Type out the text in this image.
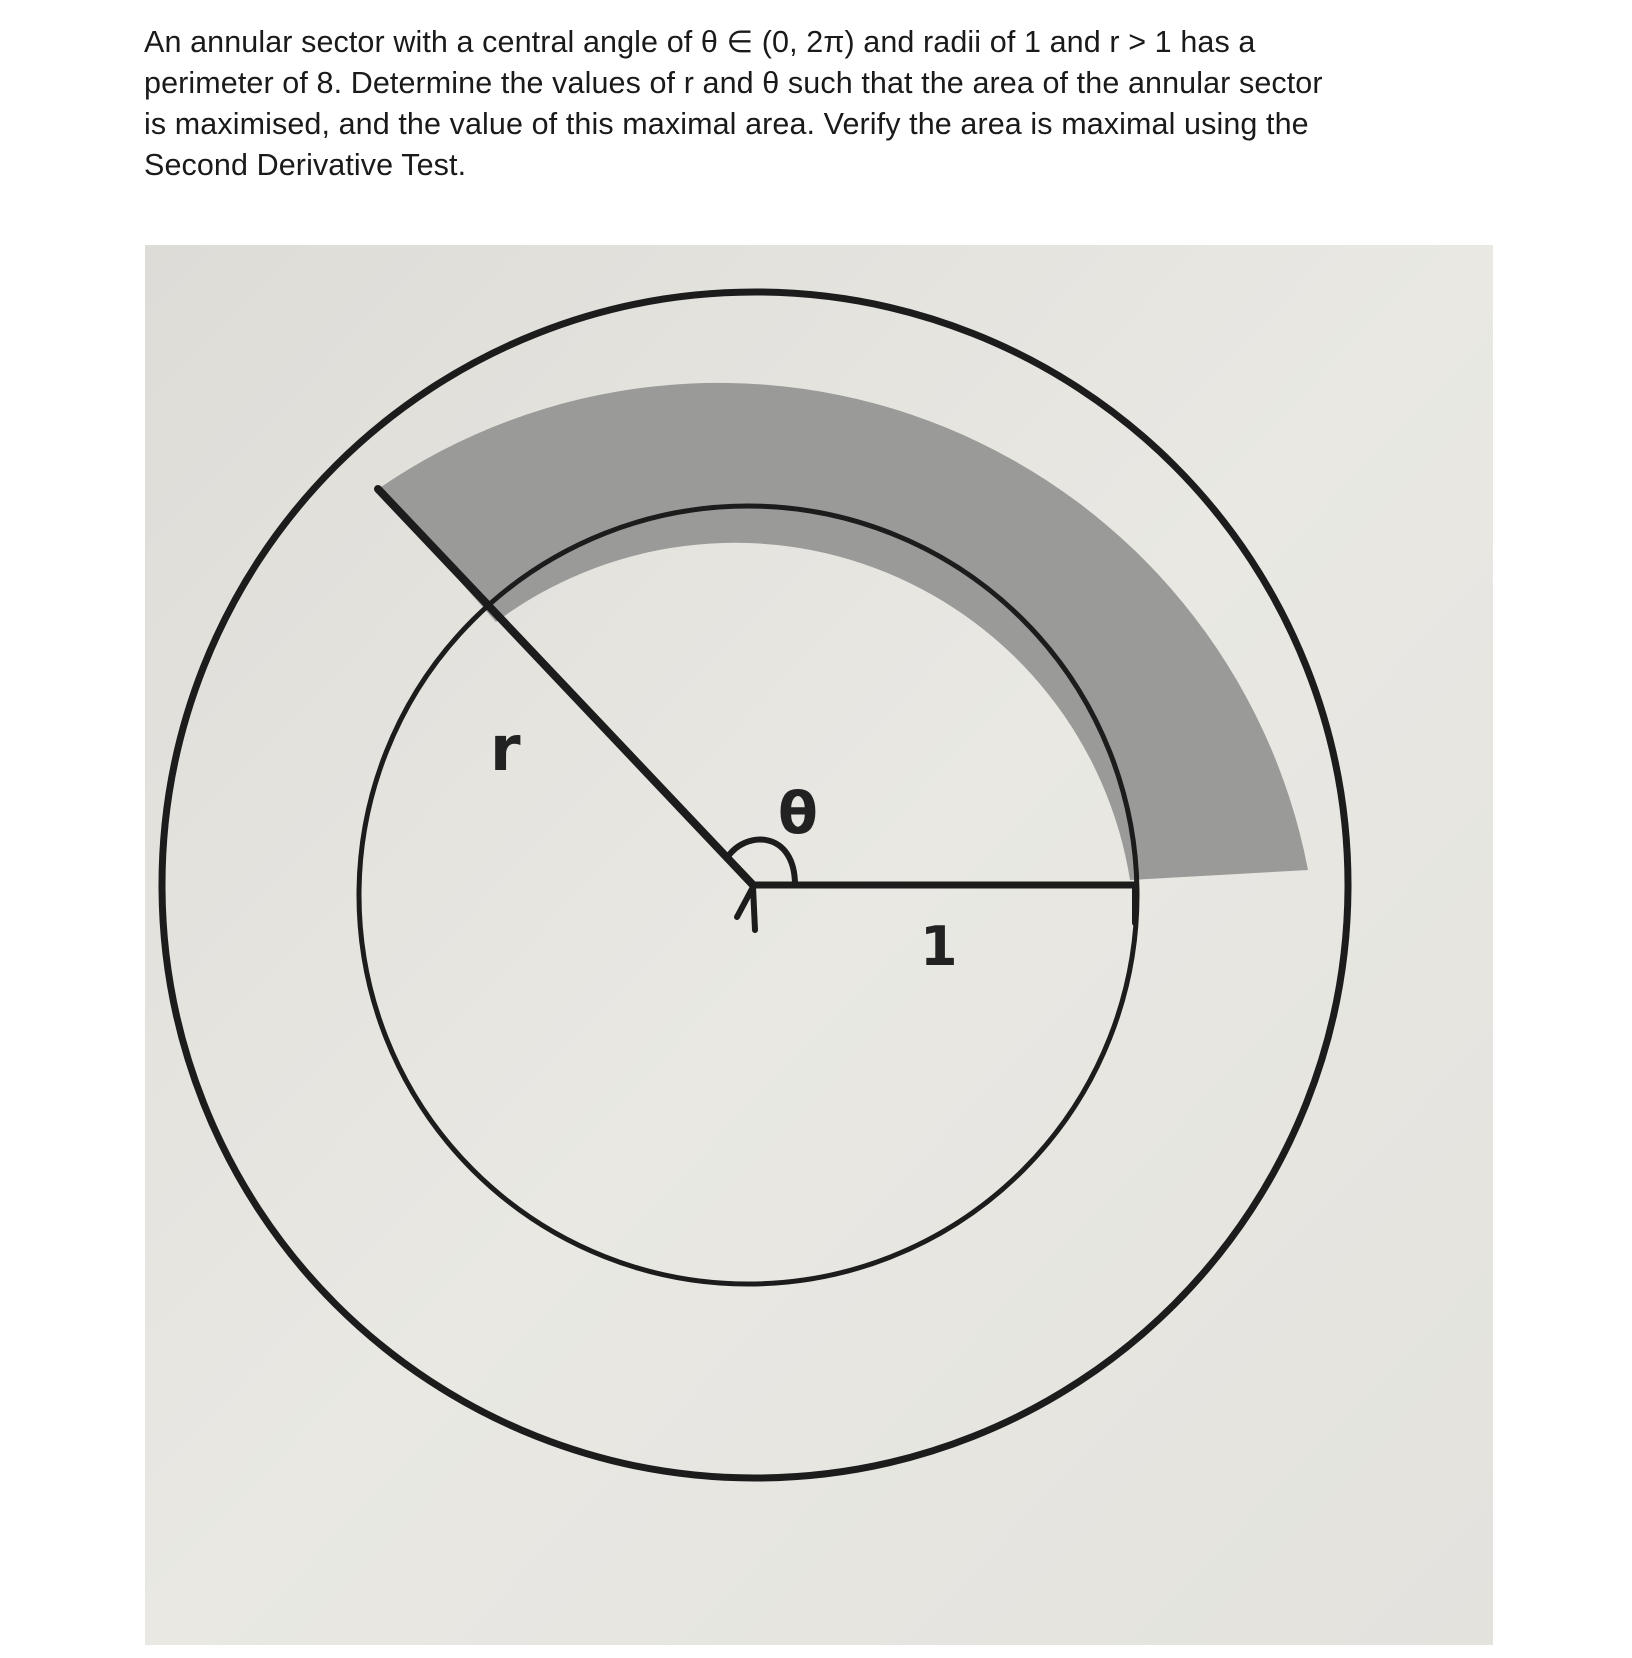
An annular sector with a central angle of θ ∈ (0, 2π) and radii of 1 and r > 1 has a
perimeter of 8. Determine the values of r and θ such that the area of the annular sector
is maximised, and the value of this maximal area. Verify the area is maximal using the
Second Derivative Test.
r
θ
1
